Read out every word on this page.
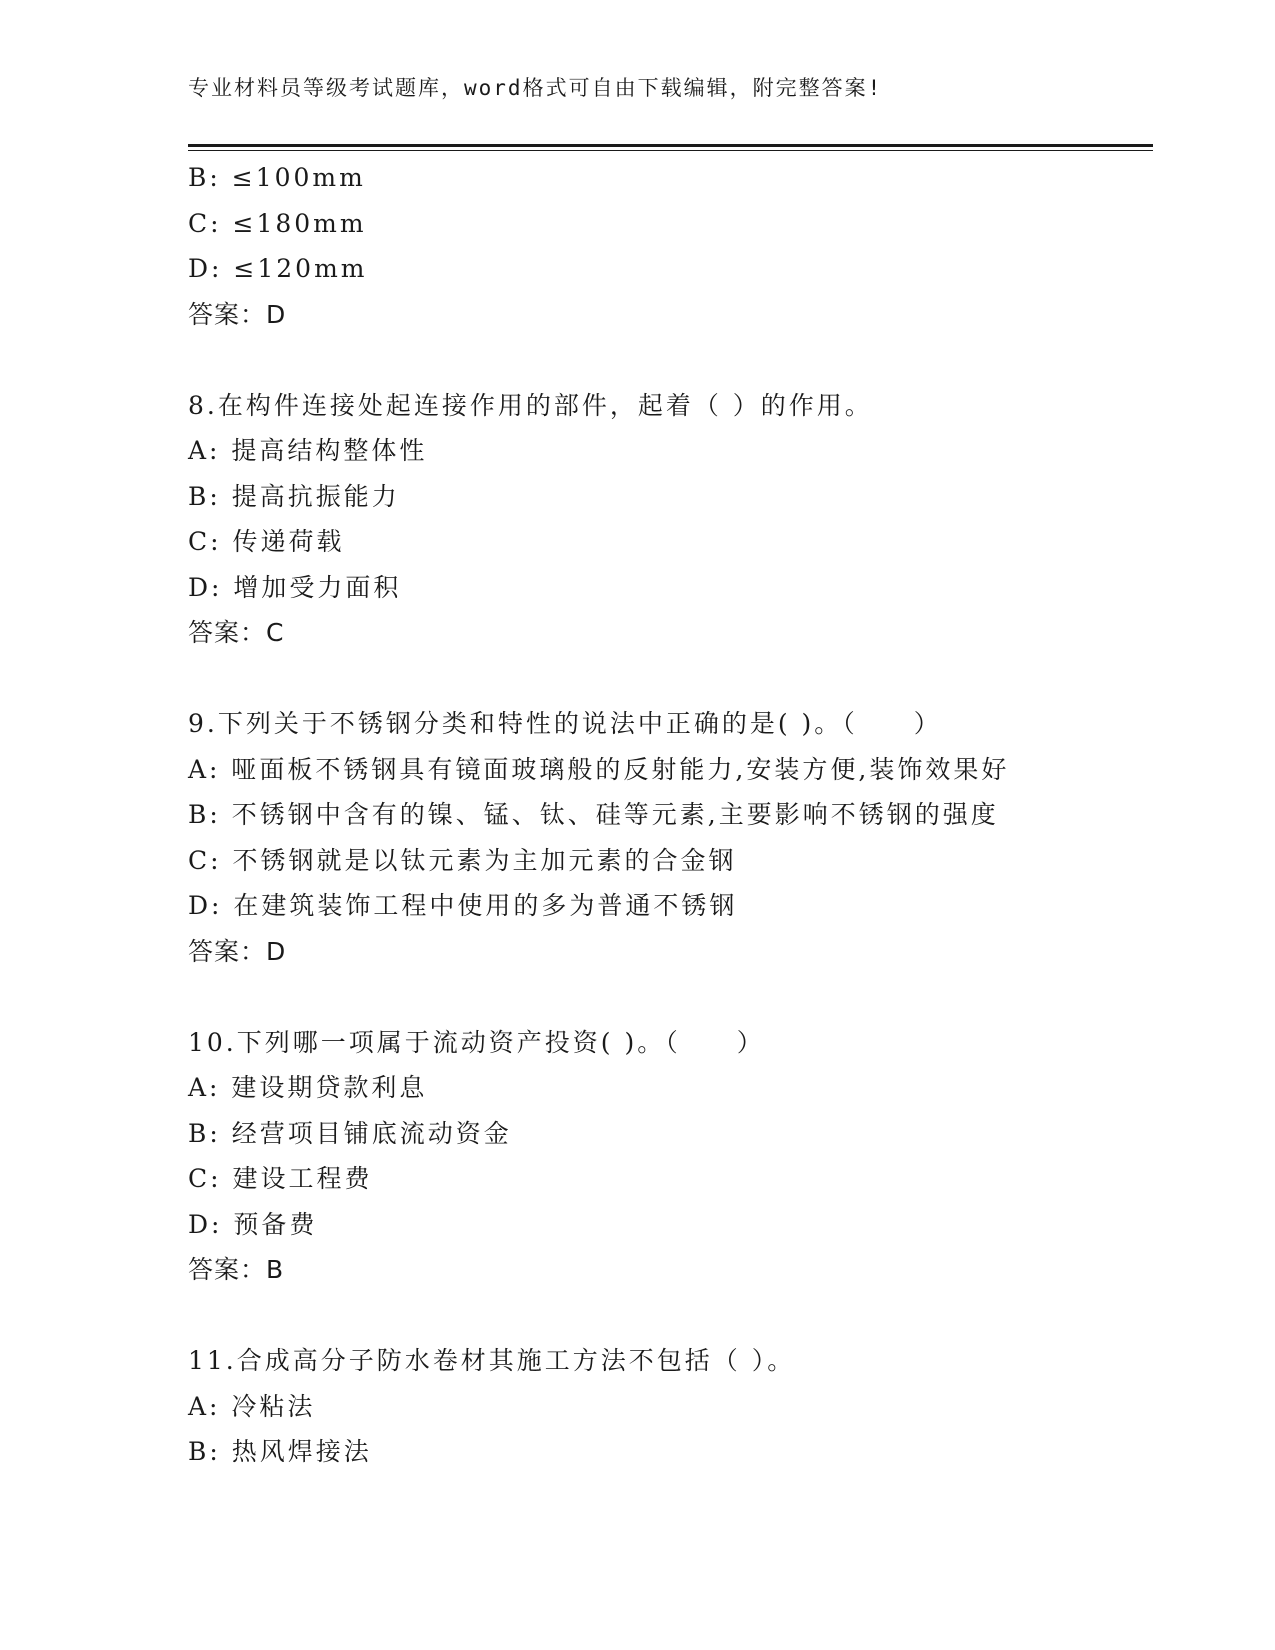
专业材料员等级考试题库，word格式可自由下载编辑，附完整答案!
B: ≤100mm
C: ≤180mm
D: ≤120mm
答案：D
8.在构件连接处起连接作用的部件，起着（ ）的作用。
A: 提高结构整体性
B: 提高抗振能力
C: 传递荷载
D: 增加受力面积
答案：C
9.下列关于不锈钢分类和特性的说法中正确的是( )。（　　）
A: 哑面板不锈钢具有镜面玻璃般的反射能力,安装方便,装饰效果好
B: 不锈钢中含有的镍、锰、钛、硅等元素,主要影响不锈钢的强度
C: 不锈钢就是以钛元素为主加元素的合金钢
D: 在建筑装饰工程中使用的多为普通不锈钢
答案：D
10.下列哪一项属于流动资产投资( )。（　　）
A: 建设期贷款利息
B: 经营项目铺底流动资金
C: 建设工程费
D: 预备费
答案：B
11.合成高分子防水卷材其施工方法不包括（ ）。
A: 冷粘法
B: 热风焊接法
